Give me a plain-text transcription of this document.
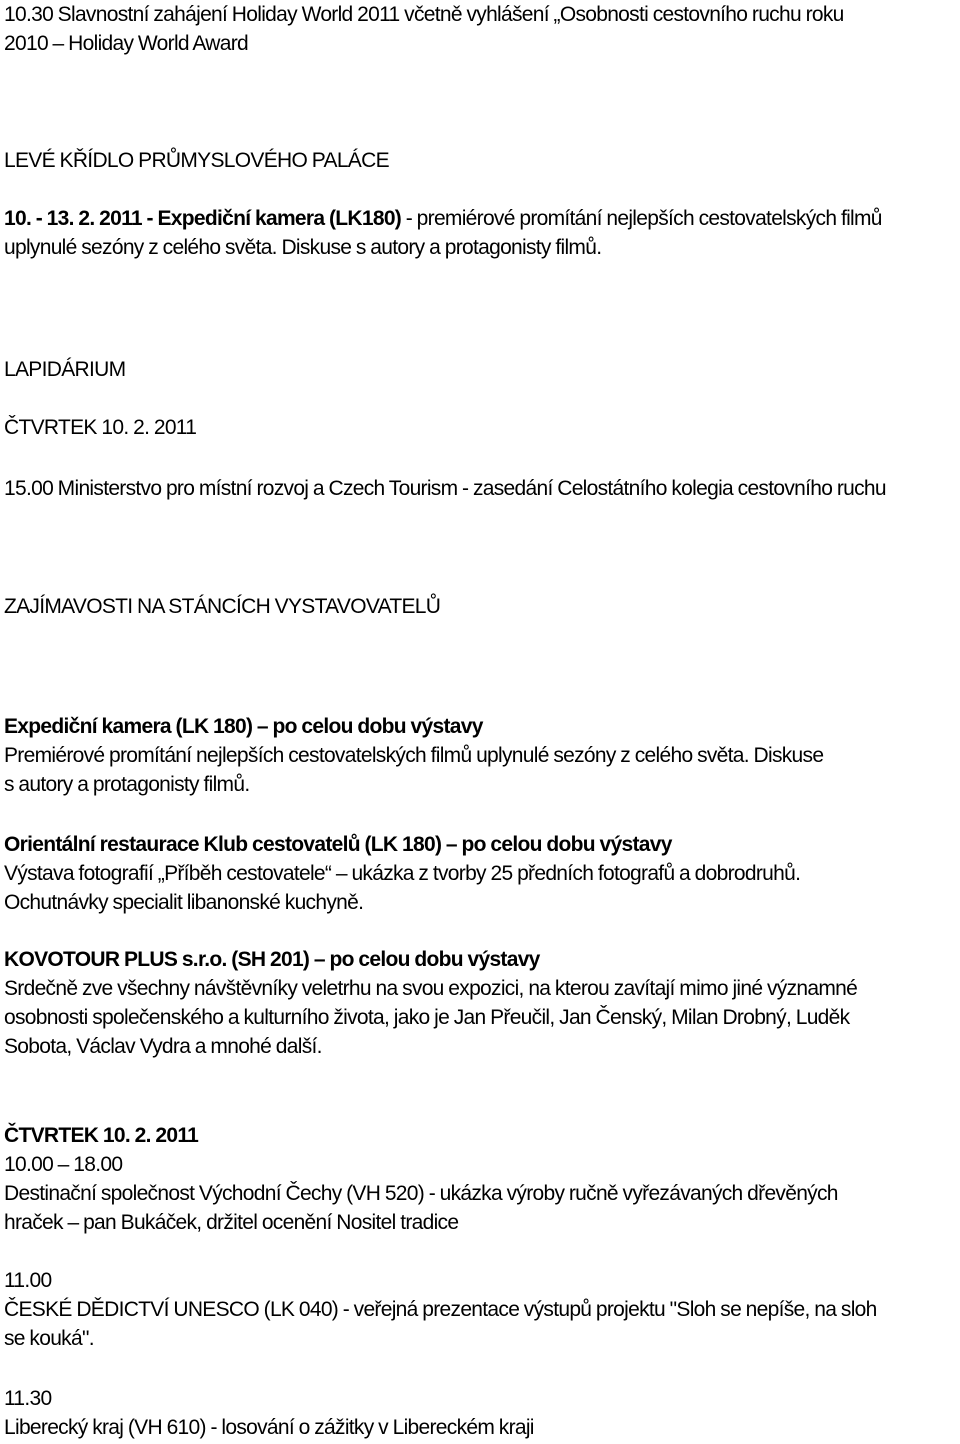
10.30 Slavnostní zahájení Holiday World 2011 včetně vyhlášení „Osobnosti cestovního ruchu roku
2010 – Holiday World Award
LEVÉ KŘÍDLO PRŮMYSLOVÉHO PALÁCE
10. - 13. 2. 2011 - Expediční kamera (LK180) - premiérové promítání nejlepších cestovatelských filmů
uplynulé sezóny z celého světa. Diskuse s autory a protagonisty filmů.
LAPIDÁRIUM
ČTVRTEK 10. 2. 2011
15.00 Ministerstvo pro místní rozvoj a Czech Tourism - zasedání Celostátního kolegia cestovního ruchu
ZAJÍMAVOSTI NA STÁNCÍCH VYSTAVOVATELŮ
Expediční kamera (LK 180) – po celou dobu výstavy
Premiérové promítání nejlepších cestovatelských filmů uplynulé sezóny z celého světa. Diskuse
s autory a protagonisty filmů.
Orientální restaurace Klub cestovatelů (LK 180) – po celou dobu výstavy
Výstava fotografií „Příběh cestovatele“ – ukázka z tvorby 25 předních fotografů a dobrodruhů.
Ochutnávky specialit libanonské kuchyně.
KOVOTOUR PLUS s.r.o. (SH 201) – po celou dobu výstavy
Srdečně zve všechny návštěvníky veletrhu na svou expozici, na kterou zavítají mimo jiné významné
osobnosti společenského a kulturního života, jako je Jan Přeučil, Jan Čenský, Milan Drobný, Luděk
Sobota, Václav Vydra a mnohé další.
ČTVRTEK 10. 2. 2011
10.00 – 18.00
Destinační společnost Východní Čechy (VH 520) - ukázka výroby ručně vyřezávaných dřevěných
hraček – pan Bukáček, držitel ocenění Nositel tradice
11.00
ČESKÉ DĚDICTVÍ UNESCO (LK 040) - veřejná prezentace výstupů projektu "Sloh se nepíše, na sloh
se kouká".
11.30
Liberecký kraj (VH 610) - losování o zážitky v Libereckém kraji
